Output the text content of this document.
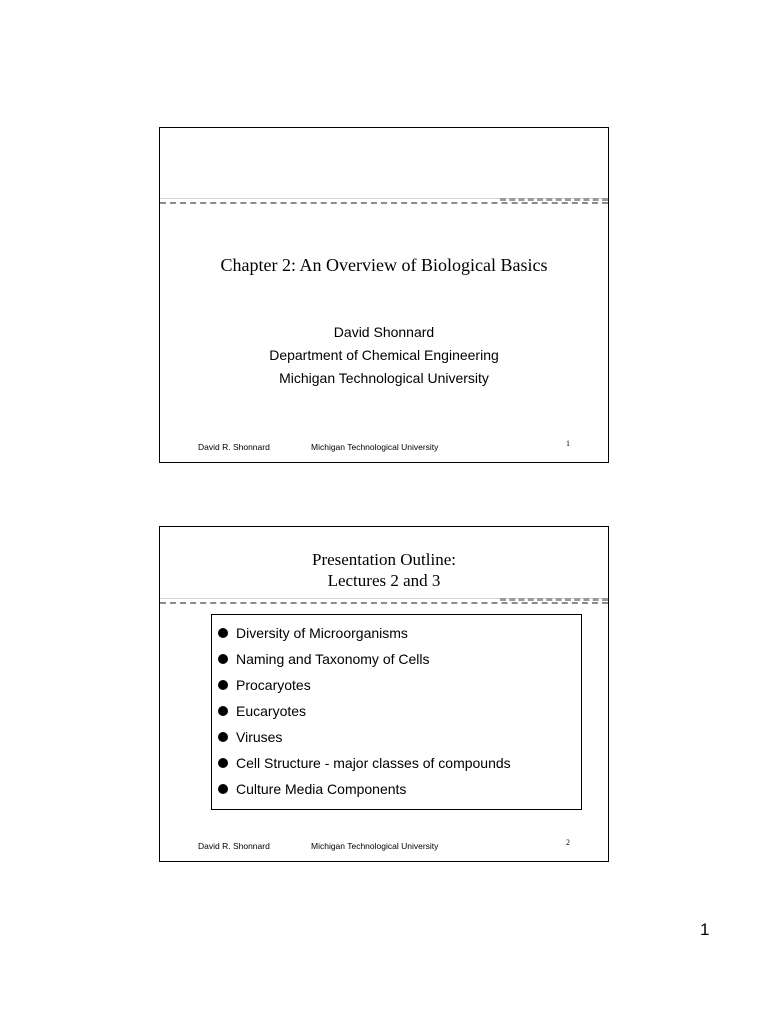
Chapter 2: An Overview of Biological Basics
David Shonnard
Department of Chemical Engineering
Michigan Technological University
1
David R. Shonnard	Michigan Technological University
Presentation Outline:
Lectures 2 and 3
Diversity of Microorganisms
Naming and Taxonomy of Cells
Procaryotes
Eucaryotes
Viruses
Cell Structure - major classes of compounds
Culture Media Components
2
David R. Shonnard	Michigan Technological University
1
